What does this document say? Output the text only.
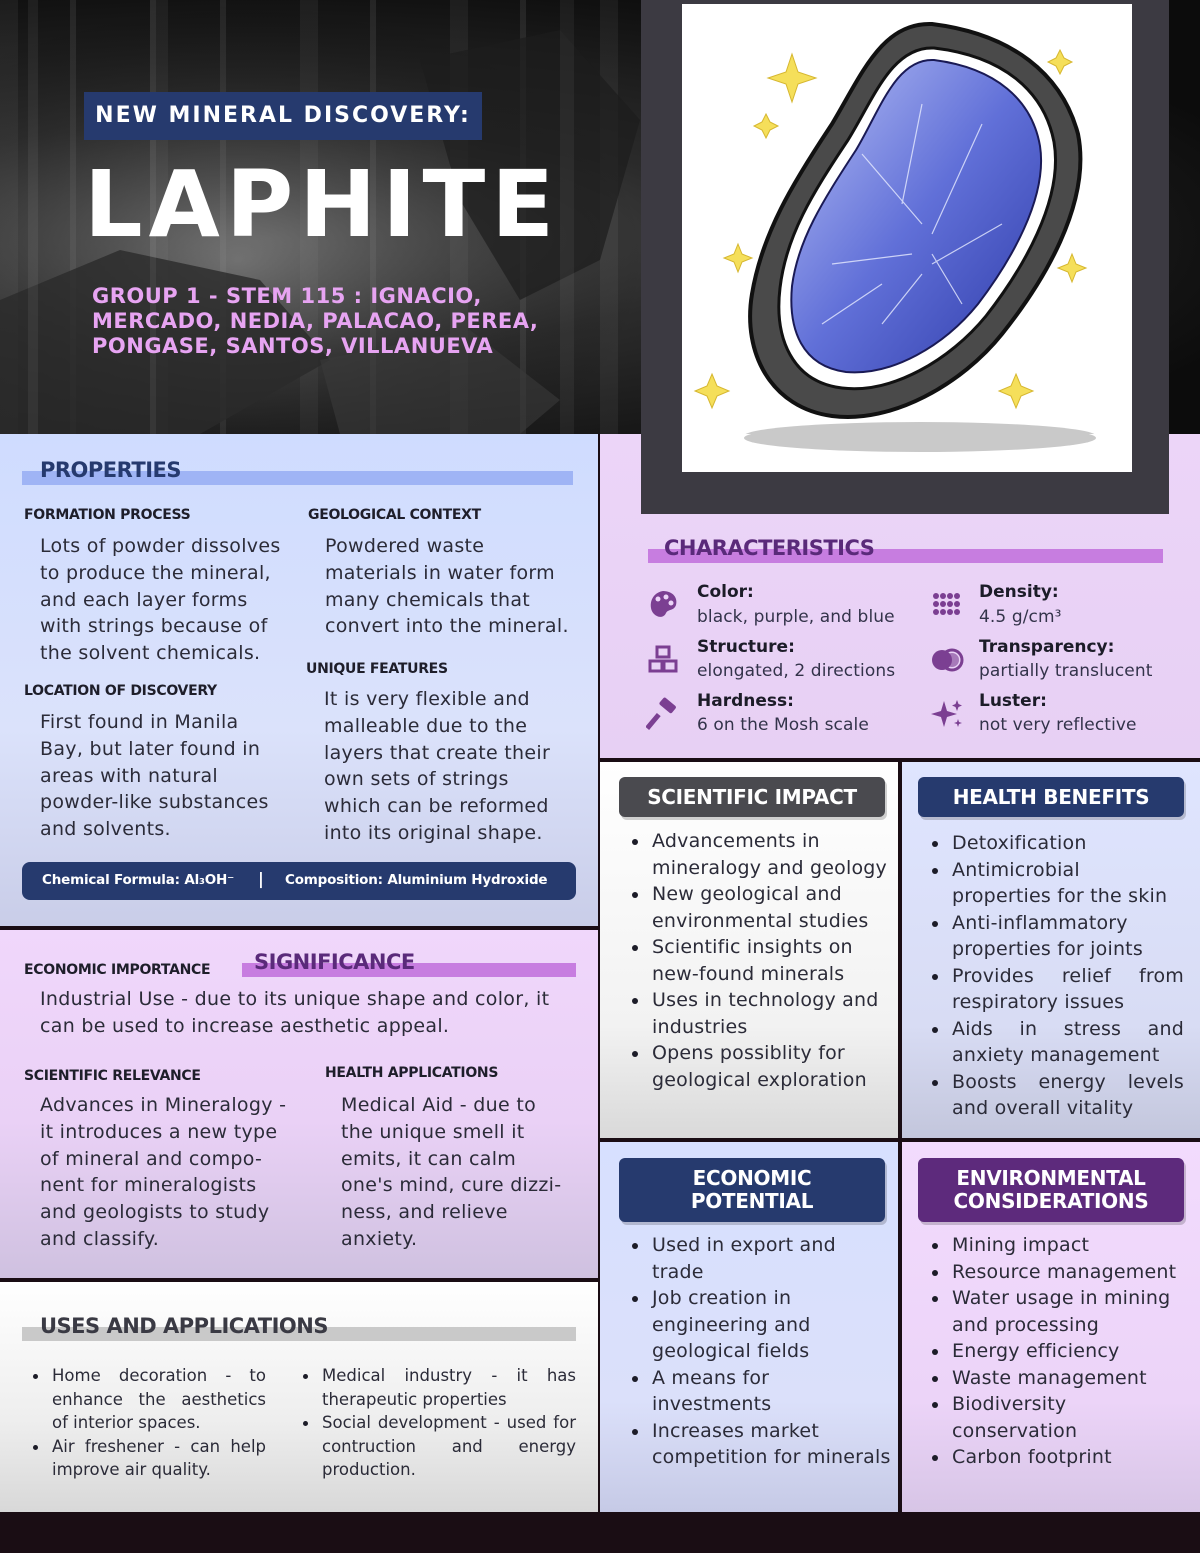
NEW MINERAL DISCOVERY:
LAPHITE
GROUP 1 - STEM 115 : IGNACIO,
MERCADO, NEDIA, PALACAO, PEREA,
PONGASE, SANTOS, VILLANUEVA
PROPERTIES
FORMATION PROCESS
Lots of powder dissolves
to produce the mineral,
and each layer forms
with strings because of
the solvent chemicals.
GEOLOGICAL CONTEXT
Powdered waste
materials in water form
many chemicals that
convert into the mineral.
LOCATION OF DISCOVERY
First found in Manila
Bay, but later found in
areas with natural
powder-like substances
and solvents.
UNIQUE FEATURES
It is very flexible and
malleable due to the
layers that create their
own sets of strings
which can be reformed
into its original shape.
Chemical Formula: Al₃OH⁻ | Composition: Aluminium Hydroxide
CHARACTERISTICS
Color:
black, purple, and blue
Density:
4.5 g/cm³
Structure:
elongated, 2 directions
Transparency:
partially translucent
Hardness:
6 on the Mosh scale
Luster:
not very reflective
SIGNIFICANCE
ECONOMIC IMPORTANCE
Industrial Use - due to its unique shape and color, it
can be used to increase aesthetic appeal.
SCIENTIFIC RELEVANCE
Advances in Mineralogy -
it introduces a new type
of mineral and compo-
nent for mineralogists
and geologists to study
and classify.
HEALTH APPLICATIONS
Medical Aid - due to
the unique smell it
emits, it can calm
one's mind, cure dizzi-
ness, and relieve
anxiety.
USES AND APPLICATIONS
Home decoration - to enhance the aesthetics of interior spaces.
Air freshener - can help improve air quality.
Medical industry - it has therapeutic properties
Social development - used for contruction and energy production.
SCIENTIFIC IMPACT
Advancements in mineralogy and geology
New geological and environmental studies
Scientific insights on new-found minerals
Uses in technology and industries
Opens possiblity for geological exploration
HEALTH BENEFITS
Detoxification
Antimicrobial properties for the skin
Anti-inflammatory properties for joints
Provides relief from respiratory issues
Aids in stress and anxiety management
Boosts energy levels and overall vitality
ECONOMIC
POTENTIAL
Used in export and trade
Job creation in engineering and geological fields
A means for investments
Increases market competition for minerals
ENVIRONMENTAL
CONSIDERATIONS
Mining impact
Resource management
Water usage in mining and processing
Energy efficiency
Waste management
Biodiversity conservation
Carbon footprint
